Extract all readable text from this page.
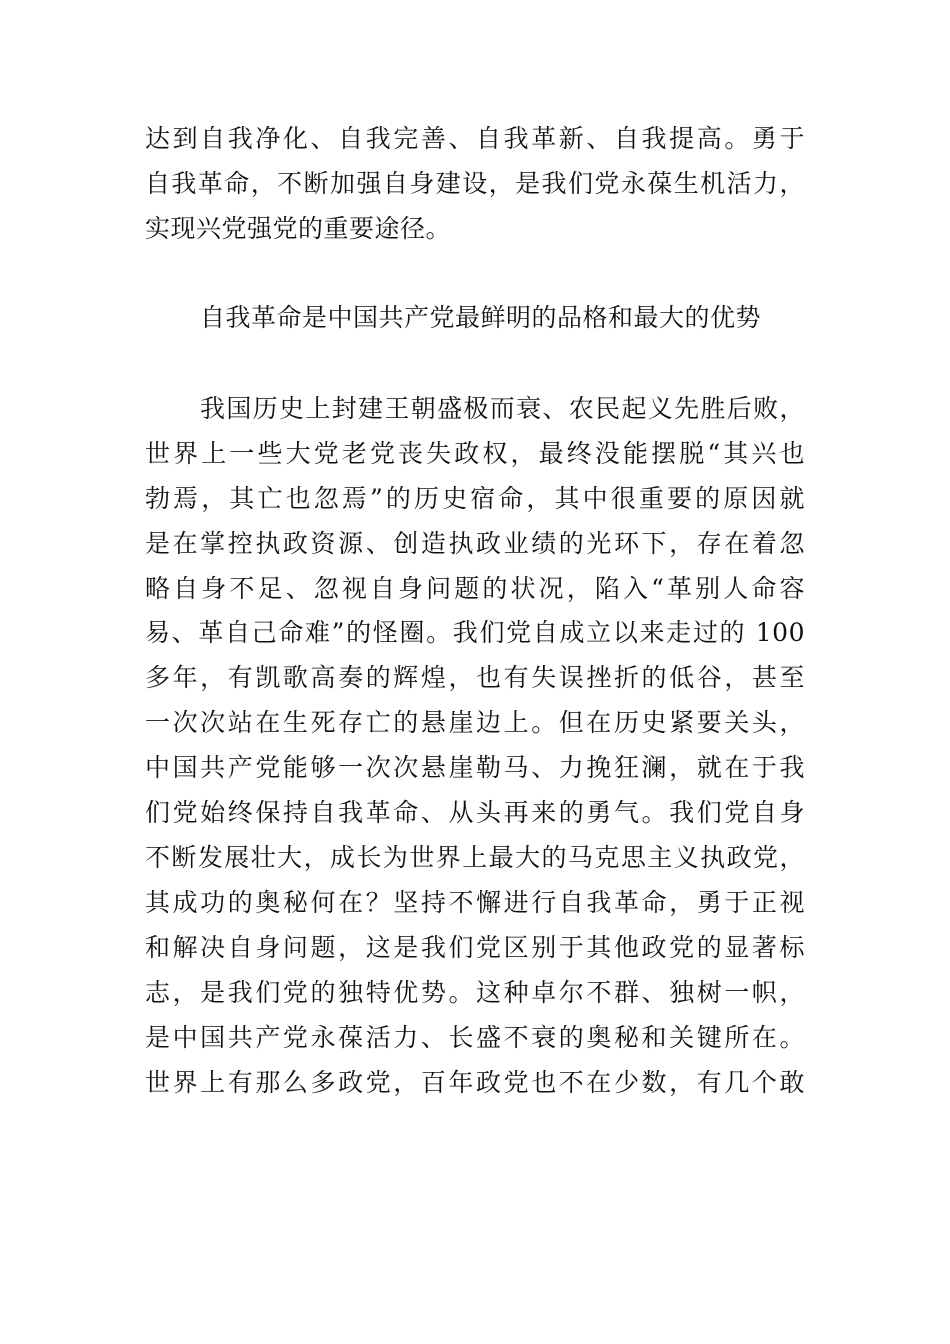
达到自我净化、自我完善、自我革新、自我提高。勇于
自我革命，不断加强自身建设，是我们党永葆生机活力，
实现兴党强党的重要途径。
自我革命是中国共产党最鲜明的品格和最大的优势
我国历史上封建王朝盛极而衰、农民起义先胜后败，
世界上一些大党老党丧失政权，最终没能摆脱“其兴也
勃焉，其亡也忽焉”的历史宿命，其中很重要的原因就
是在掌控执政资源、创造执政业绩的光环下，存在着忽
略自身不足、忽视自身问题的状况，陷入“革别人命容
易、革自己命难”的怪圈。我们党自成立以来走过的 100
多年，有凯歌高奏的辉煌，也有失误挫折的低谷，甚至
一次次站在生死存亡的悬崖边上。但在历史紧要关头，
中国共产党能够一次次悬崖勒马、力挽狂澜，就在于我
们党始终保持自我革命、从头再来的勇气。我们党自身
不断发展壮大，成长为世界上最大的马克思主义执政党，
其成功的奥秘何在？坚持不懈进行自我革命，勇于正视
和解决自身问题，这是我们党区别于其他政党的显著标
志，是我们党的独特优势。这种卓尔不群、独树一帜，
是中国共产党永葆活力、长盛不衰的奥秘和关键所在。
世界上有那么多政党，百年政党也不在少数，有几个敢
